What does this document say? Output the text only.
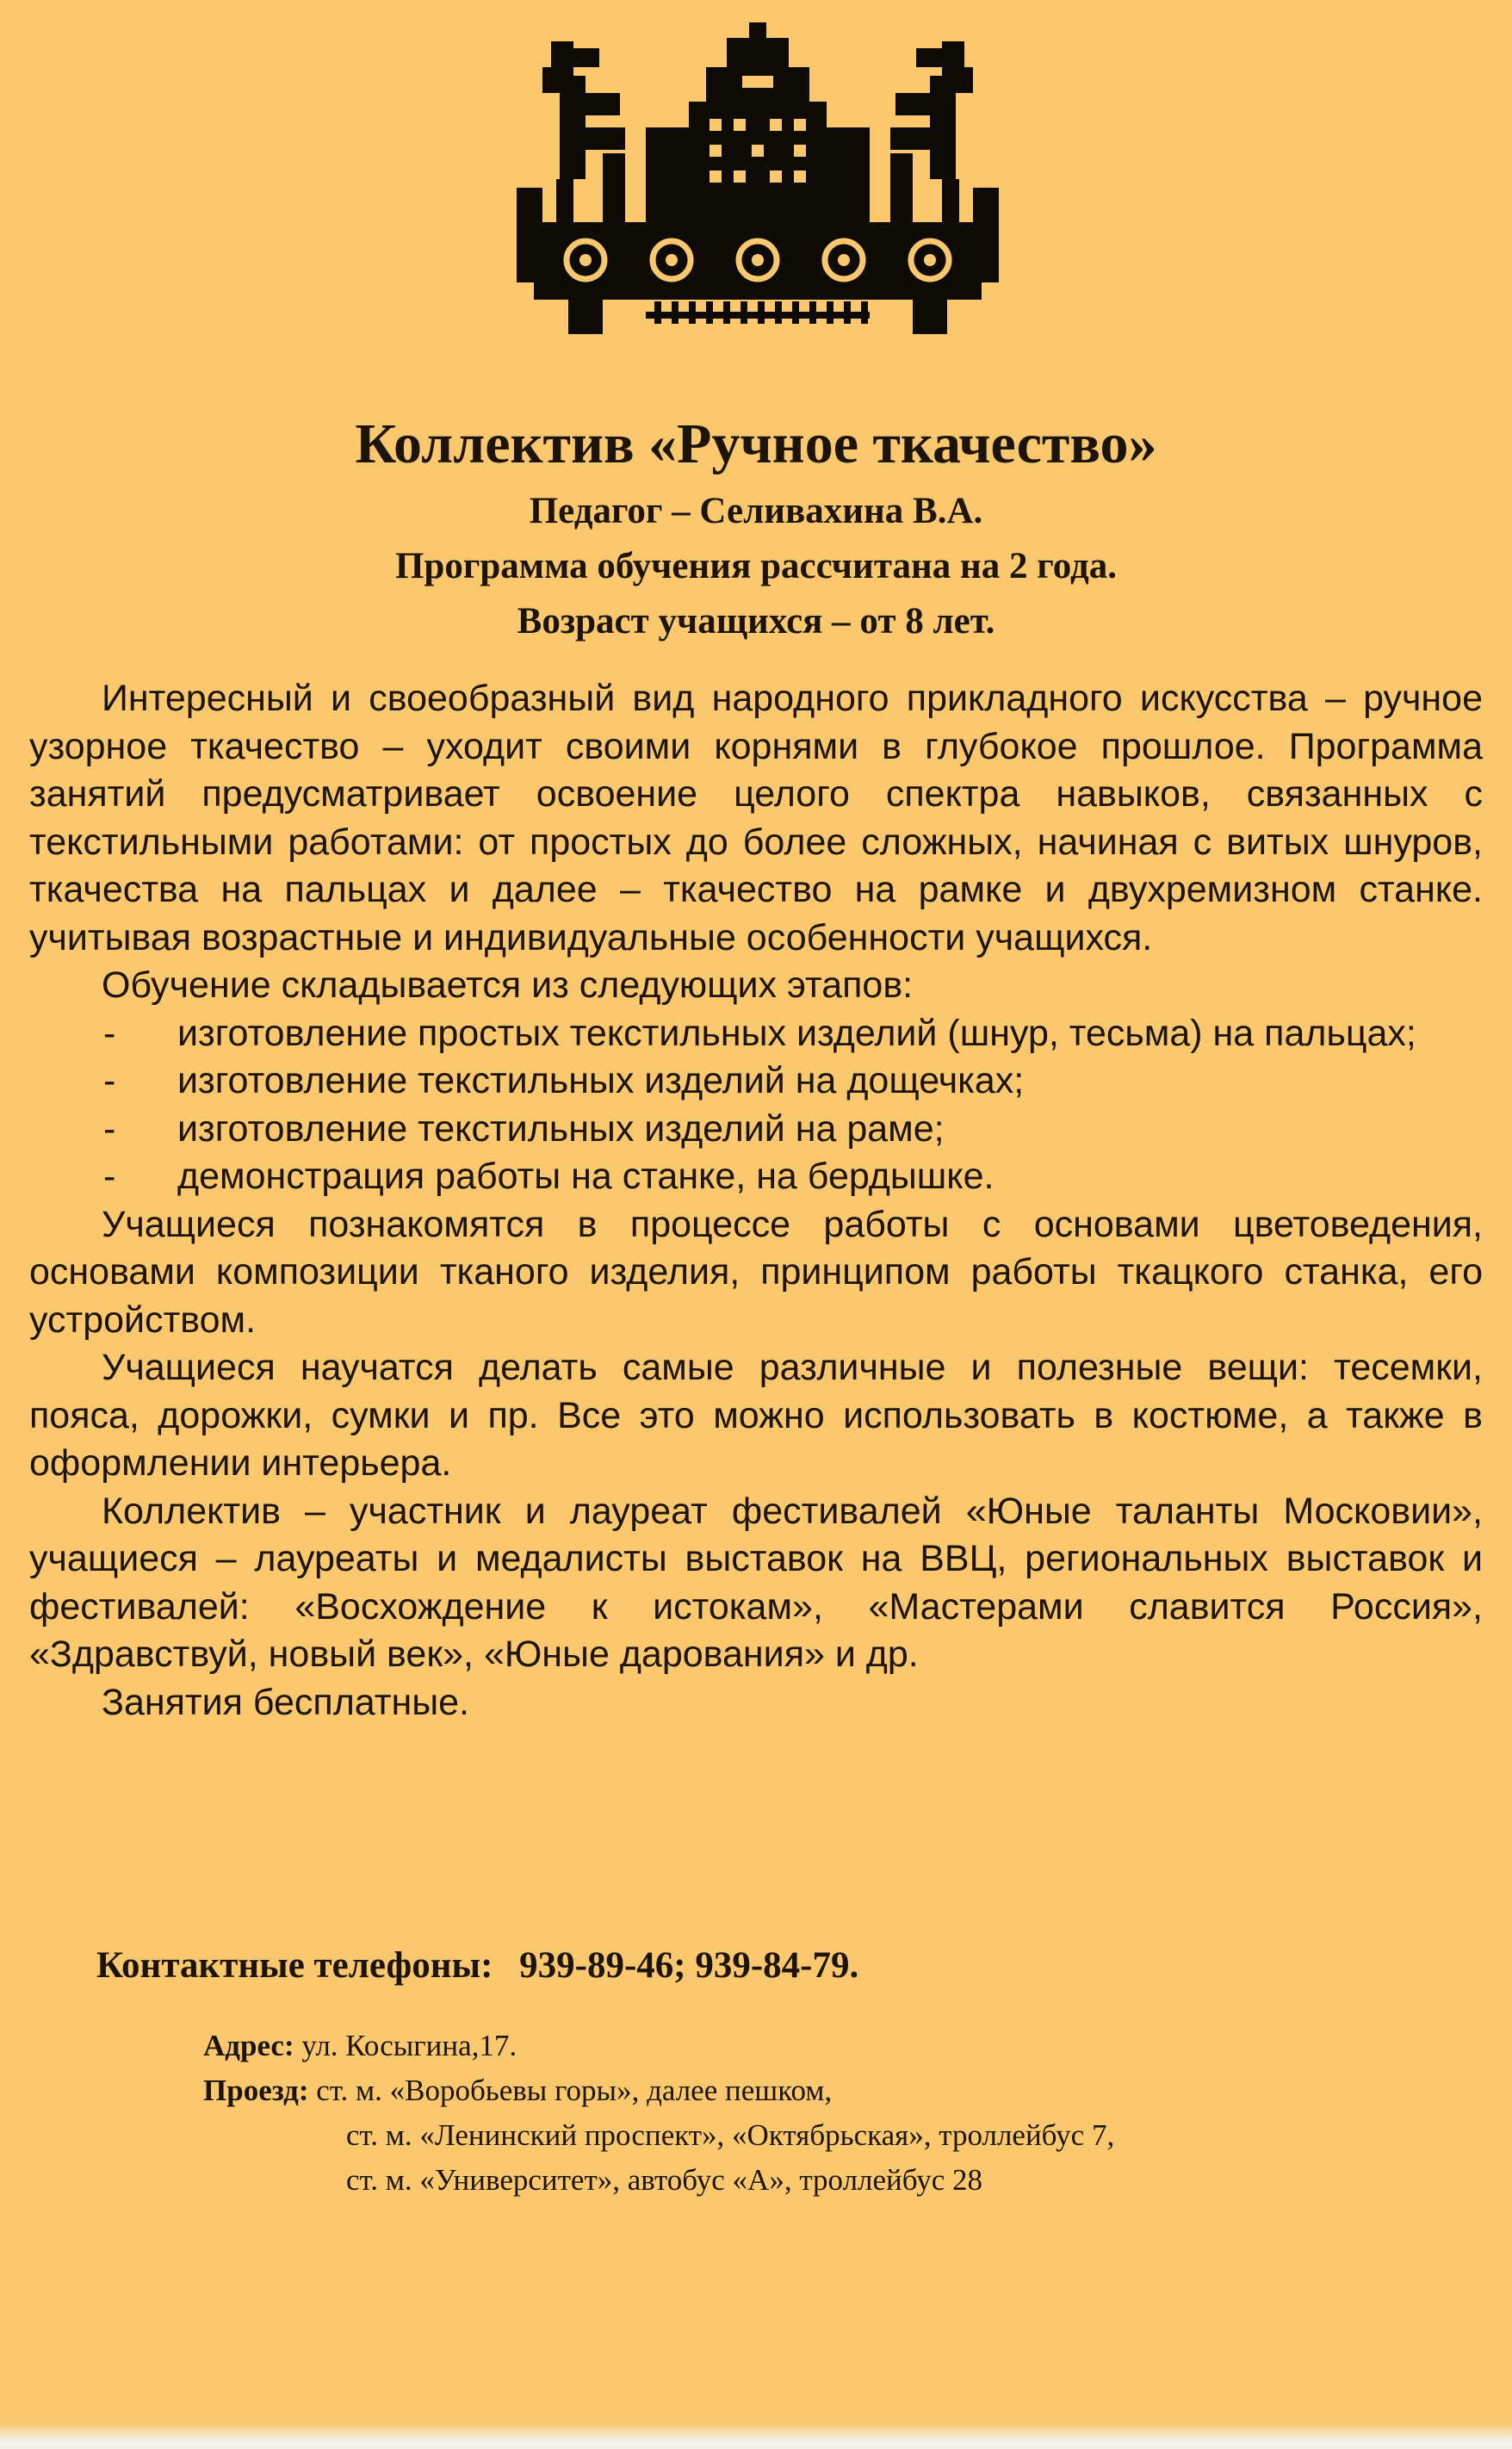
Коллектив «Ручное ткачество»
Педагог – Селивахина В.А.
Программа обучения рассчитана на 2 года.
Возраст учащихся – от 8 лет.

Интересный и своеобразный вид народного прикладного искусства – ручное узорное ткачество – уходит своими корнями в глубокое прошлое. Программа занятий предусматривает освоение целого спектра навыков, связанных с текстильными работами: от простых до более сложных, начиная с витых шнуров, ткачества на пальцах и далее – ткачество на рамке и двухремизном станке. учитывая возрастные и индивидуальные особенности учащихся.

Обучение складывается из следующих этапов:

- изготовление простых текстильных изделий (шнур, тесьма) на пальцах;

- изготовление текстильных изделий на дощечках;

- изготовление текстильных изделий на раме;

- демонстрация работы на станке, на бердышке.

Учащиеся познакомятся в процессе работы с основами цветоведения, основами композиции тканого изделия, принципом работы ткацкого станка, его устройством.

Учащиеся научатся делать самые различные и полезные вещи: тесемки, пояса, дорожки, сумки и пр. Все это можно использовать в костюме, а также в оформлении интерьера.

Коллектив – участник и лауреат фестивалей «Юные таланты Московии», учащиеся – лауреаты и медалисты выставок на ВВЦ, региональных выставок и фестивалей: «Восхождение к истокам», «Мастерами славится Россия», «Здравствуй, новый век», «Юные дарования» и др.

Занятия бесплатные.

Контактные телефоны: 939-89-46; 939-84-79.
Адрес: ул. Косыгина,17.
Проезд: ст. м. «Воробьевы горы», далее пешком,
ст. м. «Ленинский проспект», «Октябрьская», троллейбус 7,
ст. м. «Университет», автобус «А», троллейбус 28
